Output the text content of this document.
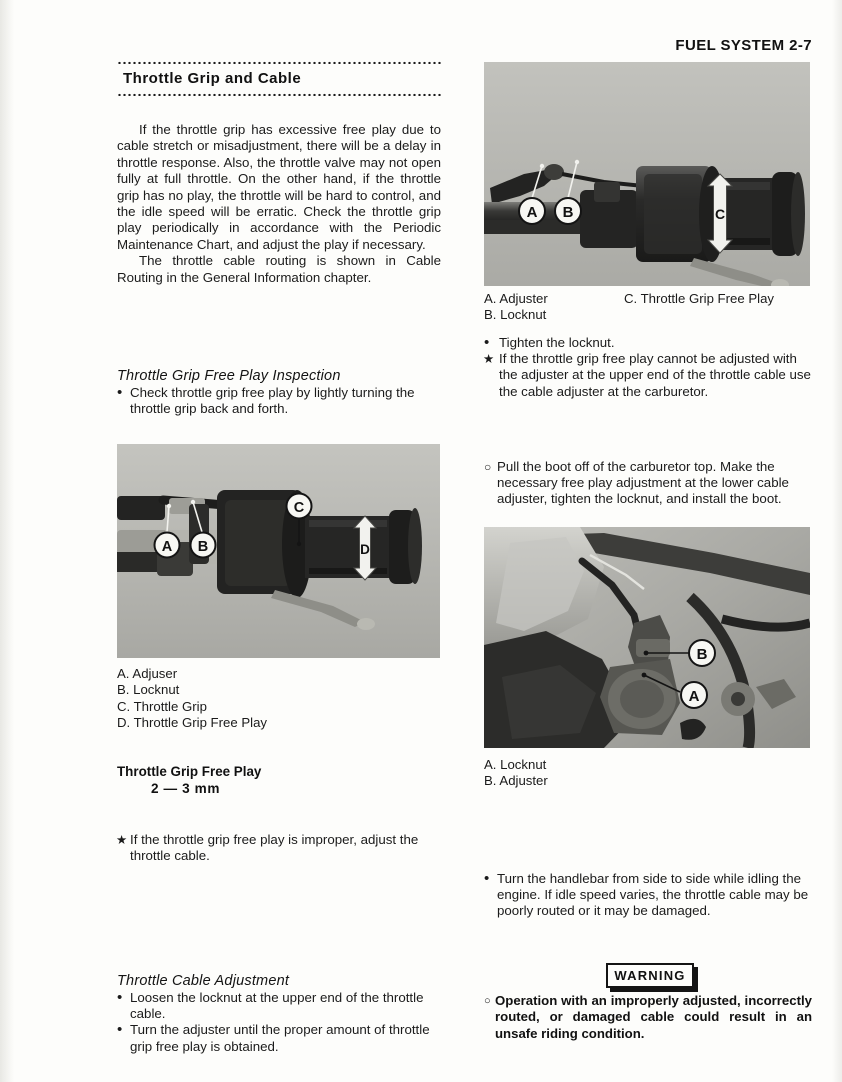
FUEL SYSTEM 2-7
A B	C
A B
C
D
B
A
Throttle Grip and Cable

If the throttle grip has excessive free play due to cable stretch or misadjustment, there will be a delay in throttle response. Also, the throttle valve may not open fully at full throttle. On the other hand, if the throttle grip has no play, the throttle will be hard to control, and the idle speed will be erratic. Check the throttle grip play periodically in accordance with the Periodic Maintenance Chart, and adjust the play if necessary.

The throttle cable routing is shown in Cable Routing in the General Information chapter.

Throttle Grip Free Play Inspection
• Check throttle grip free play by lightly turning the throttle grip back and forth.
A. Adjuser
B. Locknut
C. Throttle Grip
D. Throttle Grip Free Play
Throttle Grip Free Play
2 — 3 mm
★ If the throttle grip free play is improper, adjust the throttle cable.
Throttle Cable Adjustment
• Loosen the locknut at the upper end of the throttle cable.
• Turn the adjuster until the proper amount of throttle grip free play is obtained.
A. Adjuster	C. Throttle Grip Free Play
B. Locknut
• Tighten the locknut.
★ If the throttle grip free play cannot be adjusted with the adjuster at the upper end of the throttle cable use the cable adjuster at the carburetor.
○ Pull the boot off of the carburetor top. Make the necessary free play adjustment at the lower cable adjuster, tighten the locknut, and install the boot.
A. Locknut
B. Adjuster
• Turn the handlebar from side to side while idling the engine. If idle speed varies, the throttle cable may be poorly routed or it may be damaged.
WARNING

○ Operation with an improperly adjusted, incorrectly routed, or damaged cable could result in an unsafe riding condition.
